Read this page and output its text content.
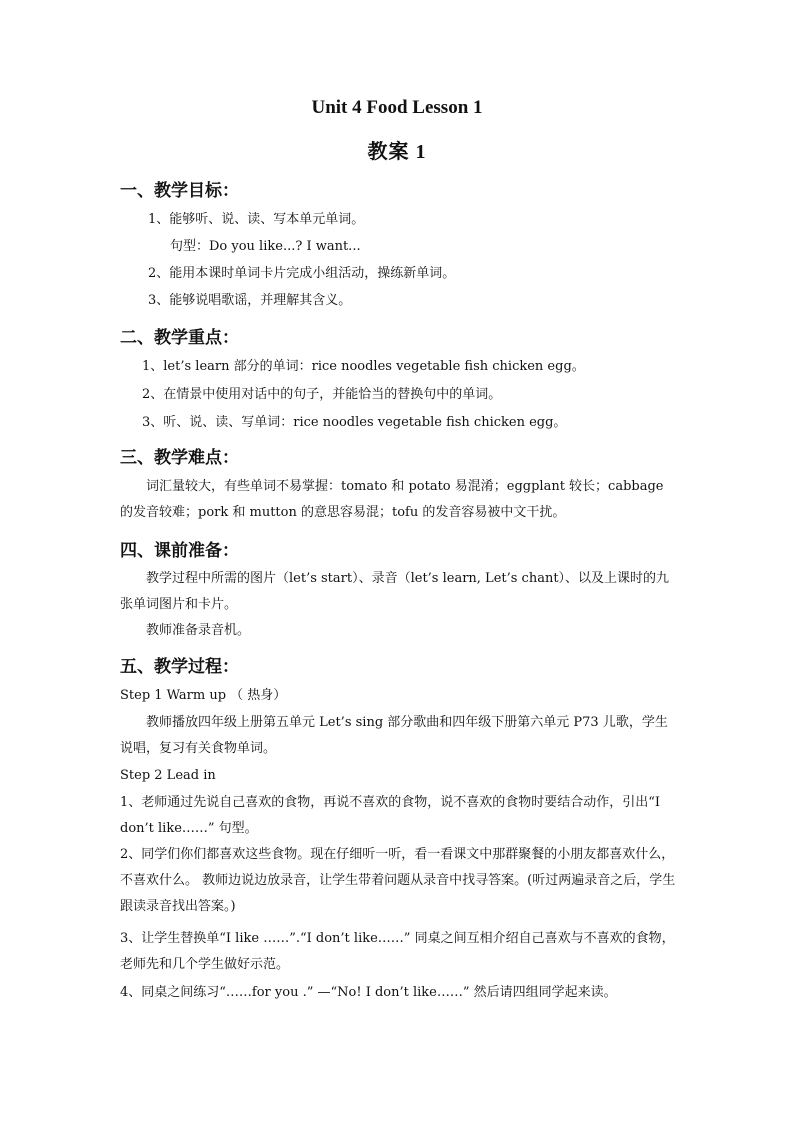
Unit 4 Food Lesson 1
教案 1
一、教学目标：
1、能够听、说、读、写本单元单词。
句型：Do you like...? I want...
2、能用本课时单词卡片完成小组活动，操练新单词。
3、能够说唱歌谣，并理解其含义。
二、教学重点：
1、let’s learn 部分的单词：rice noodles vegetable fish chicken egg。
2、在情景中使用对话中的句子，并能恰当的替换句中的单词。
3、听、说、读、写单词：rice noodles vegetable fish chicken egg。
三、教学难点：
词汇量较大，有些单词不易掌握：tomato 和 potato 易混淆；eggplant 较长；cabbage 的发音较难；pork 和 mutton 的意思容易混；tofu 的发音容易被中文干扰。
四、课前准备：
教学过程中所需的图片（let’s start）、录音（let’s learn, Let’s chant）、以及上课时的九张单词图片和卡片。
教师准备录音机。
五、教学过程：
Step 1 Warm up （ 热身）
教师播放四年级上册第五单元 Let’s sing 部分歌曲和四年级下册第六单元 P73 儿歌，学生说唱，复习有关食物单词。
Step 2 Lead in
1、老师通过先说自己喜欢的食物，再说不喜欢的食物，说不喜欢的食物时要结合动作，引出“I don’t like……” 句型。
2、同学们你们都喜欢这些食物。现在仔细听一听，看一看课文中那群聚餐的小朋友都喜欢什么，不喜欢什么。 教师边说边放录音，让学生带着问题从录音中找寻答案。(听过两遍录音之后，学生跟读录音找出答案。)
3、让学生替换单“I like ……”.“I don’t like……” 同桌之间互相介绍自己喜欢与不喜欢的食物，老师先和几个学生做好示范。
4、同桌之间练习“……for you .” —“No! I don’t like……” 然后请四组同学起来读。
